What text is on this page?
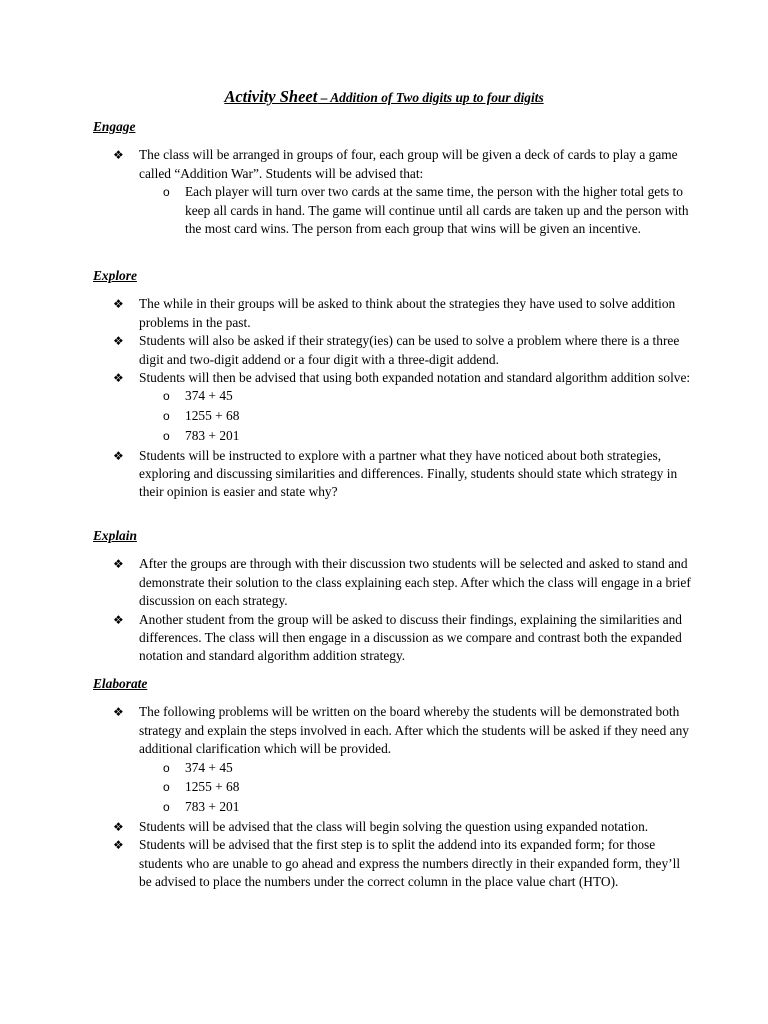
Activity Sheet – Addition of Two digits up to four digits
Engage
❖ The class will be arranged in groups of four, each group will be given a deck of cards to play a game called “Addition War”. Students will be advised that:
o Each player will turn over two cards at the same time, the person with the higher total gets to keep all cards in hand. The game will continue until all cards are taken up and the person with the most card wins. The person from each group that wins will be given an incentive.
Explore
❖ The while in their groups will be asked to think about the strategies they have used to solve addition problems in the past.
❖ Students will also be asked if their strategy(ies) can be used to solve a problem where there is a three digit and two-digit addend or a four digit with a three-digit addend.
❖ Students will then be advised that using both expanded notation and standard algorithm addition solve:
o 374 + 45
o 1255 + 68
o 783 + 201
❖ Students will be instructed to explore with a partner what they have noticed about both strategies, exploring and discussing similarities and differences. Finally, students should state which strategy in their opinion is easier and state why?
Explain
❖ After the groups are through with their discussion two students will be selected and asked to stand and demonstrate their solution to the class explaining each step. After which the class will engage in a brief discussion on each strategy.
❖ Another student from the group will be asked to discuss their findings, explaining the similarities and differences. The class will then engage in a discussion as we compare and contrast both the expanded notation and standard algorithm addition strategy.
Elaborate
❖ The following problems will be written on the board whereby the students will be demonstrated both strategy and explain the steps involved in each. After which the students will be asked if they need any additional clarification which will be provided.
o 374 + 45
o 1255 + 68
o 783 + 201
❖ Students will be advised that the class will begin solving the question using expanded notation.
❖ Students will be advised that the first step is to split the addend into its expanded form; for those students who are unable to go ahead and express the numbers directly in their expanded form, they’ll be advised to place the numbers under the correct column in the place value chart (HTO).
